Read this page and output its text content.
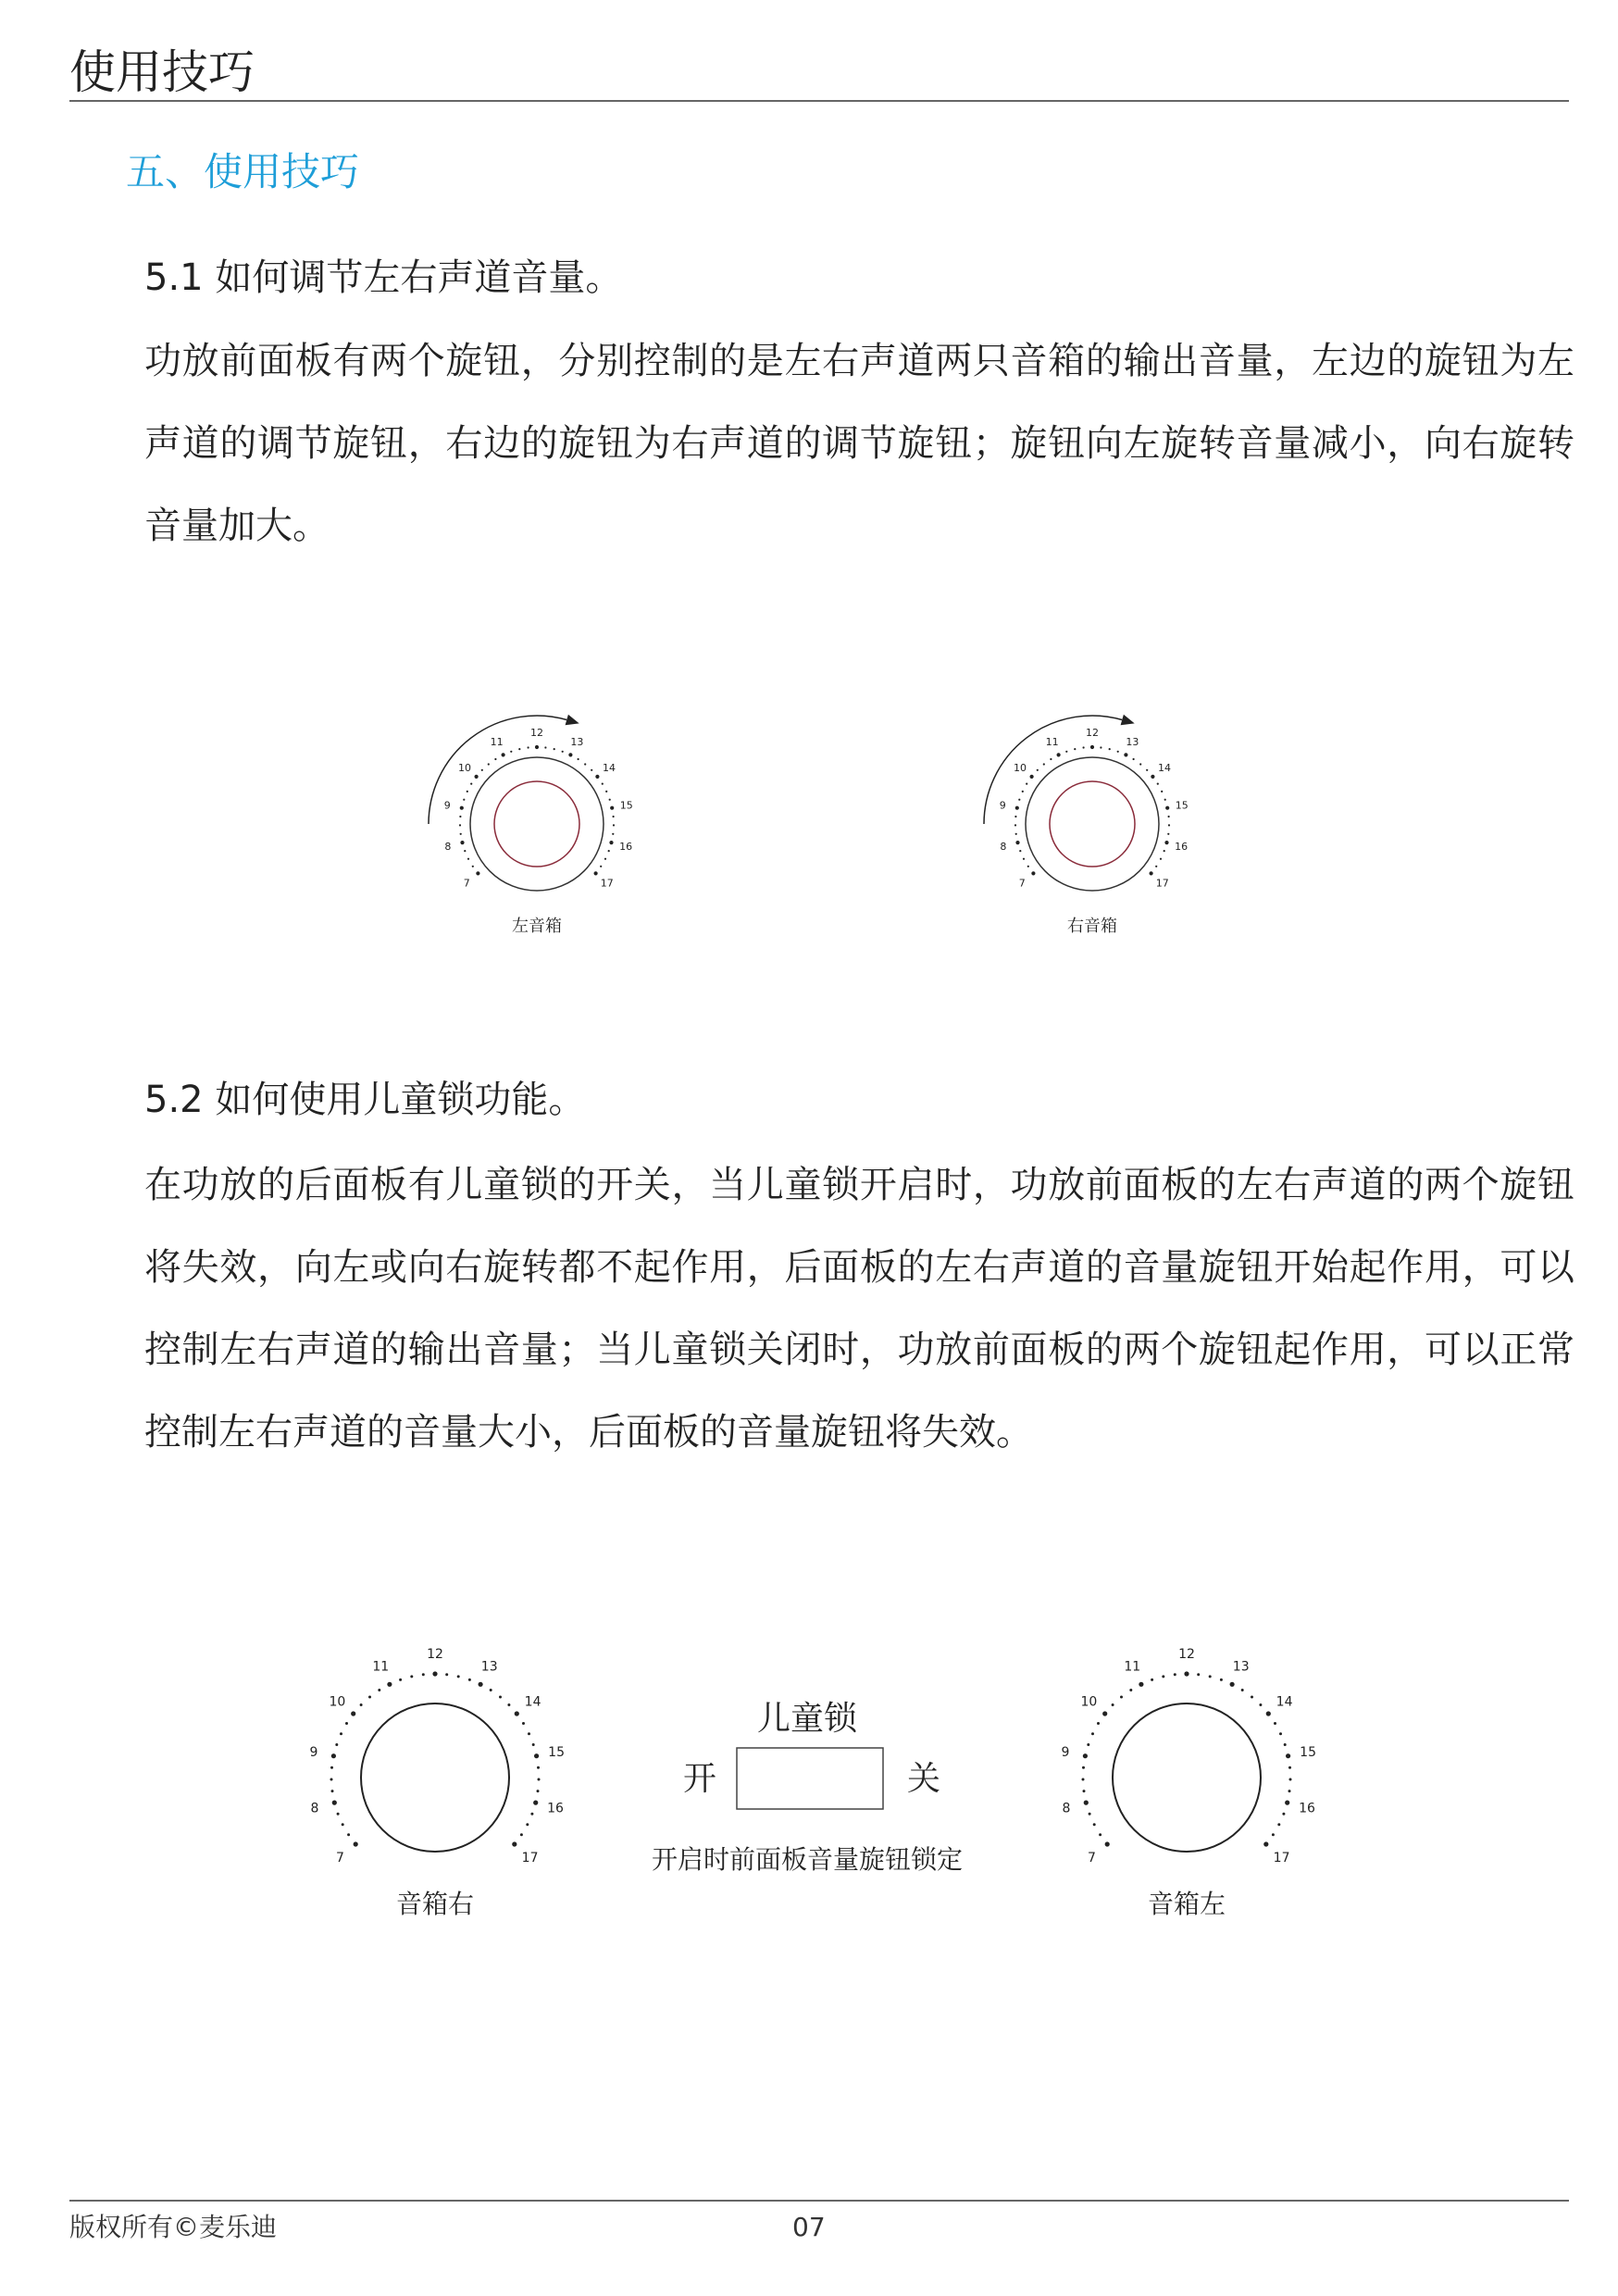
使用技巧
五、使用技巧
5.1 如何调节左右声道音量。
功放前面板有两个旋钮，分别控制的是左右声道两只音箱的输出音量，左边的旋钮为左声道的调节旋钮，右边的旋钮为右声道的调节旋钮；旋钮向左旋转音量减小，向右旋转音量加大。
7
8
9
10
11
12
13
14
15
16
17
左音箱
7
8
9
10
11
12
13
14
15
16
17
右音箱
5.2 如何使用儿童锁功能。
在功放的后面板有儿童锁的开关，当儿童锁开启时，功放前面板的左右声道的两个旋钮将失效，向左或向右旋转都不起作用，后面板的左右声道的音量旋钮开始起作用，可以控制左右声道的输出音量；当儿童锁关闭时，功放前面板的两个旋钮起作用，可以正常控制左右声道的音量大小，后面板的音量旋钮将失效。
7
8
9
10
11
12
13
14
15
16
17
音箱右
儿童锁
开	关
开启时前面板音量旋钮锁定	7
8
9
10
11
12
13
14
15
16
17
音箱左
版权所有©麦乐迪	07
